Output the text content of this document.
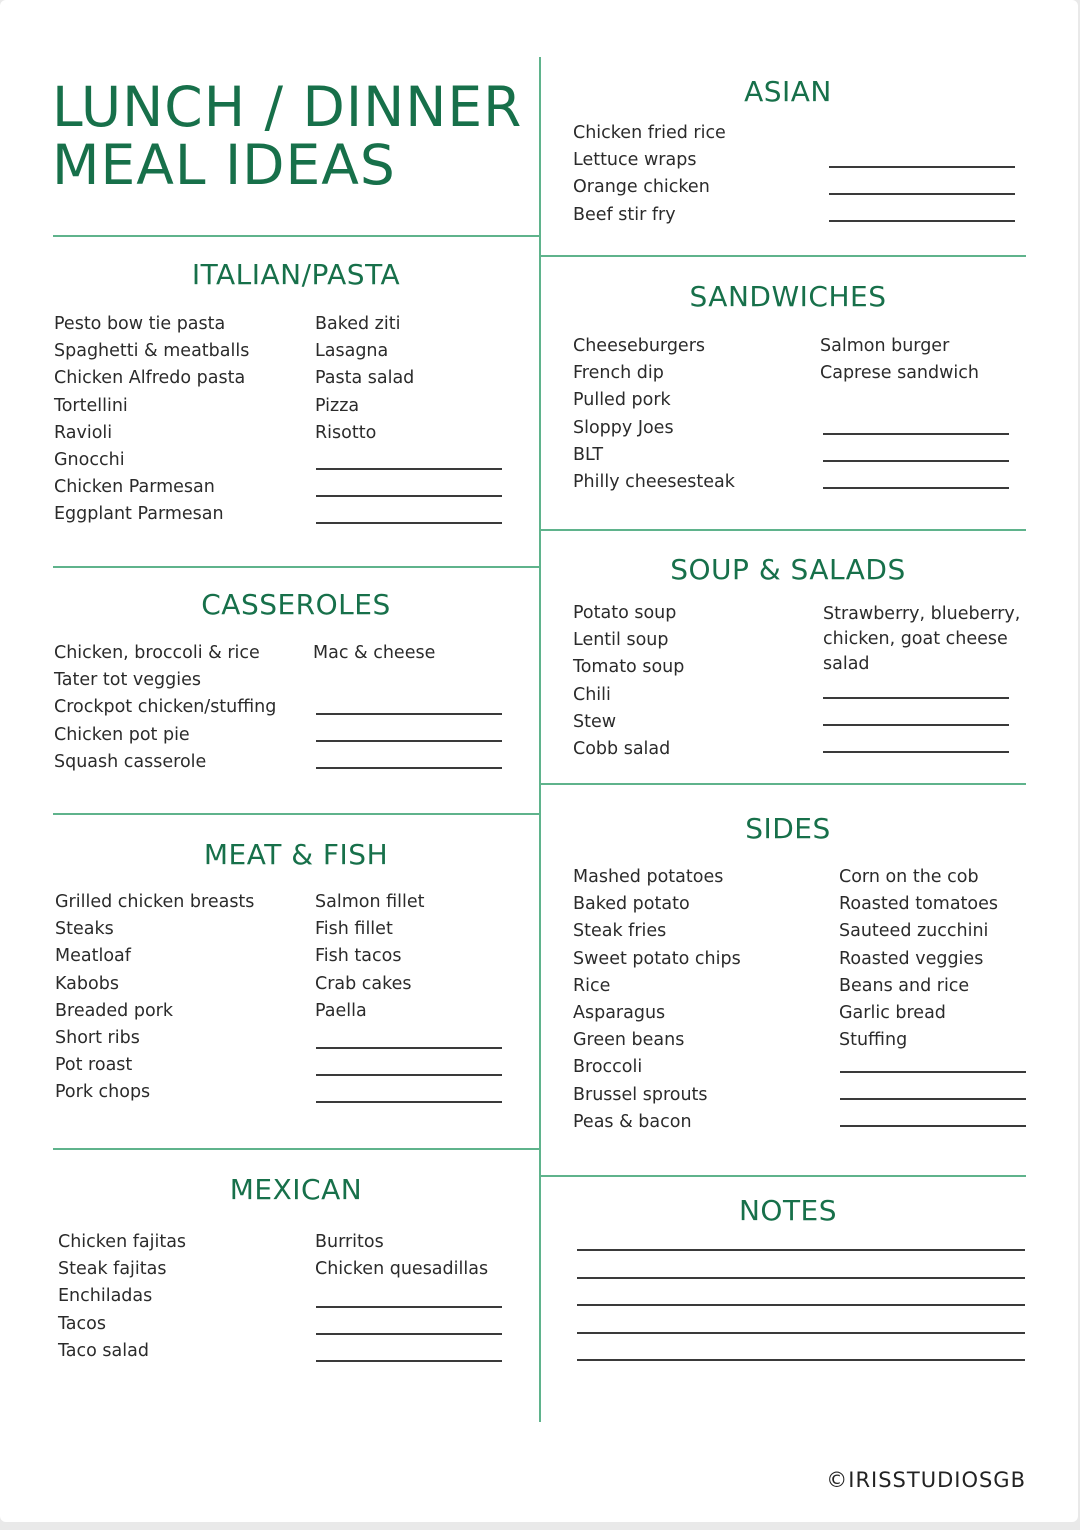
LUNCH / DINNER
MEAL IDEAS
ITALIAN/PASTA
Pesto bow tie pasta
Spaghetti & meatballs
Chicken Alfredo pasta
Tortellini
Ravioli
Gnocchi
Chicken Parmesan
Eggplant Parmesan
Baked ziti
Lasagna
Pasta salad
Pizza
Risotto
CASSEROLES
Chicken, broccoli & rice
Tater tot veggies
Crockpot chicken/stuffing
Chicken pot pie
Squash casserole
Mac & cheese
MEAT & FISH
Grilled chicken breasts
Steaks
Meatloaf
Kabobs
Breaded pork
Short ribs
Pot roast
Pork chops
Salmon fillet
Fish fillet
Fish tacos
Crab cakes
Paella
MEXICAN
Chicken fajitas
Steak fajitas
Enchiladas
Tacos
Taco salad
Burritos
Chicken quesadillas
ASIAN
Chicken fried rice
Lettuce wraps
Orange chicken
Beef stir fry
SANDWICHES
Cheeseburgers
French dip
Pulled pork
Sloppy Joes
BLT
Philly cheesesteak
Salmon burger
Caprese sandwich
SOUP & SALADS
Potato soup
Lentil soup
Tomato soup
Chili
Stew
Cobb salad
Strawberry, blueberry,
chicken, goat cheese
salad
SIDES
Mashed potatoes
Baked potato
Steak fries
Sweet potato chips
Rice
Asparagus
Green beans
Broccoli
Brussel sprouts
Peas & bacon
Corn on the cob
Roasted tomatoes
Sauteed zucchini
Roasted veggies
Beans and rice
Garlic bread
Stuffing
NOTES
©IRISSTUDIOSGB
